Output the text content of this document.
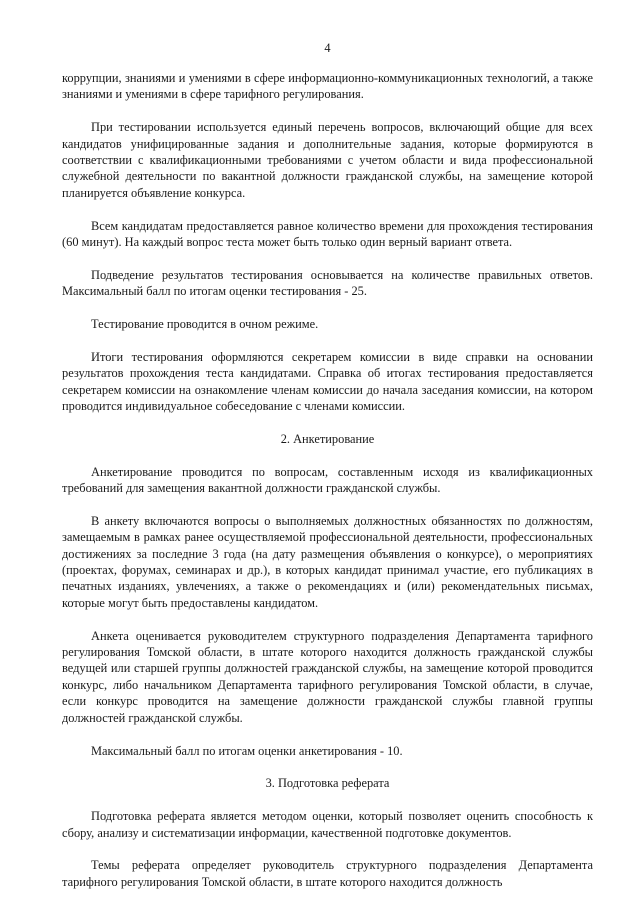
4

коррупции, знаниями и умениями в сфере информационно-коммуникационных технологий, а также знаниями и умениями в сфере тарифного регулирования.

При тестировании используется единый перечень вопросов, включающий общие для всех кандидатов унифицированные задания и дополнительные задания, которые формируются в соответствии с квалификационными требованиями с учетом области и вида профессиональной служебной деятельности по вакантной должности гражданской службы, на замещение которой планируется объявление конкурса.

Всем кандидатам предоставляется равное количество времени для прохождения тестирования (60 минут). На каждый вопрос теста может быть только один верный вариант ответа.

Подведение результатов тестирования основывается на количестве правильных ответов. Максимальный балл по итогам оценки тестирования - 25.

Тестирование проводится в очном режиме.

Итоги тестирования оформляются секретарем комиссии в виде справки на основании результатов прохождения теста кандидатами. Справка об итогах тестирования предоставляется секретарем комиссии на ознакомление членам комиссии до начала заседания комиссии, на котором проводится индивидуальное собеседование с членами комиссии.

2. Анкетирование

Анкетирование проводится по вопросам, составленным исходя из квалификационных требований для замещения вакантной должности гражданской службы.

В анкету включаются вопросы о выполняемых должностных обязанностях по должностям, замещаемым в рамках ранее осуществляемой профессиональной деятельности, профессиональных достижениях за последние 3 года (на дату размещения объявления о конкурсе), о мероприятиях (проектах, форумах, семинарах и др.), в которых кандидат принимал участие, его публикациях в печатных изданиях, увлечениях, а также о рекомендациях и (или) рекомендательных письмах, которые могут быть предоставлены кандидатом.

Анкета оценивается руководителем структурного подразделения Департамента тарифного регулирования Томской области, в штате которого находится должность гражданской службы ведущей или старшей группы должностей гражданской службы, на замещение которой проводится конкурс, либо начальником Департамента тарифного регулирования Томской области, в случае, если конкурс проводится на замещение должности гражданской службы главной группы должностей гражданской службы.

Максимальный балл по итогам оценки анкетирования - 10.

3. Подготовка реферата

Подготовка реферата является методом оценки, который позволяет оценить способность к сбору, анализу и систематизации информации, качественной подготовке документов.

Темы реферата определяет руководитель структурного подразделения Департамента тарифного регулирования Томской области, в штате которого находится должность
